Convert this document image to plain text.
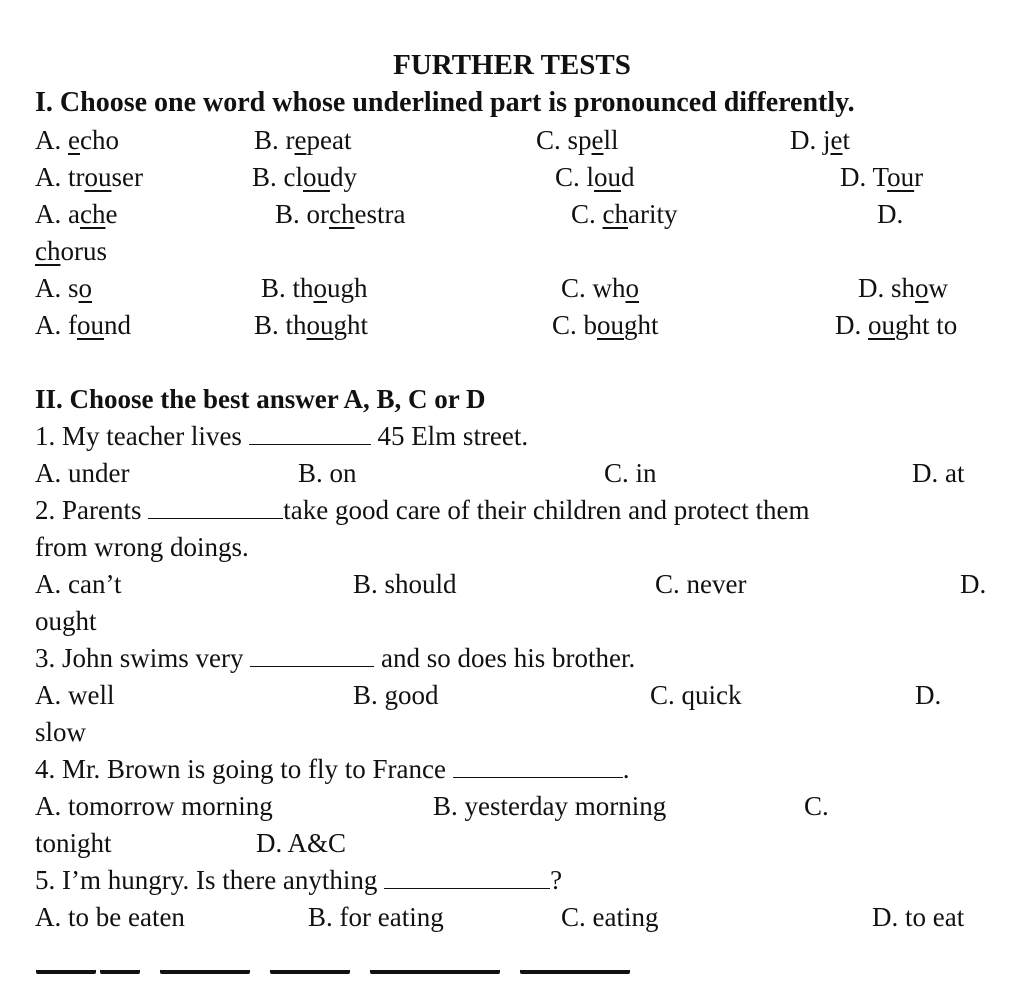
FURTHER TESTS
I. Choose one word whose underlined part is pronounced differently.
A. echo	B. repeat	C. spell	D. jet
A. trouser	B. cloudy	C. loud	D. Tour
A. ache	B. orchestra	C. charity	D.
chorus
A. so	B. though	C. who	D. show
A. found	B. thought	C. bought	D. ought to
II. Choose the best answer A, B, C or D
1. My teacher lives	45 Elm street.
A. under	B. on	C. in	D. at
2. Parents	take good care of their children and protect them
from wrong doings.
A. can’t	B. should	C. never	D.
ought
3. John swims very	and so does his brother.
A. well	B. good	C. quick	D.
slow
4. Mr. Brown is going to fly to France	.
A. tomorrow morning	B. yesterday morning	C.
tonight	D. A&C
5. I’m hungry. Is there anything	?
A. to be eaten	B. for eating	C. eating	D. to eat
